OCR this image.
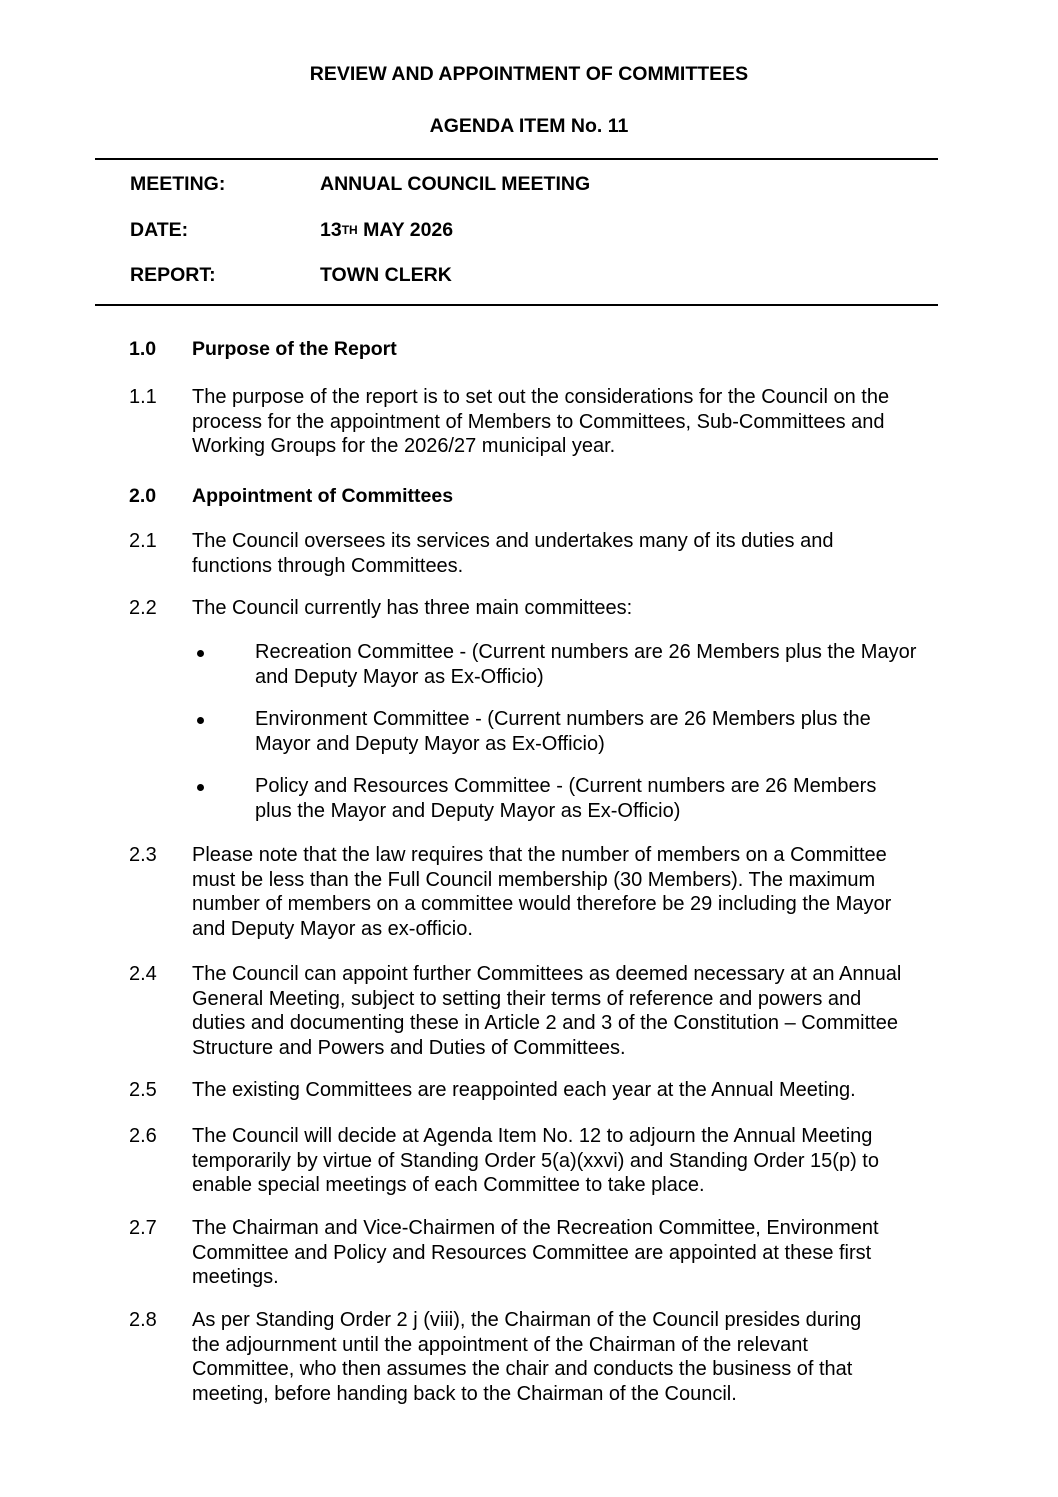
REVIEW AND APPOINTMENT OF COMMITTEES
AGENDA ITEM No. 11
MEETING:	ANNUAL COUNCIL MEETING
DATE:	13TH MAY 2026
REPORT:	TOWN CLERK
1.0 Purpose of the Report
1.1 The purpose of the report is to set out the considerations for the Council on the
process for the appointment of Members to Committees, Sub-Committees and
Working Groups for the 2026/27 municipal year.
2.0 Appointment of Committees
2.1 The Council oversees its services and undertakes many of its duties and
functions through Committees.
2.2 The Council currently has three main committees:
Recreation Committee - (Current numbers are 26 Members plus the Mayor
and Deputy Mayor as Ex-Officio)
Environment Committee - (Current numbers are 26 Members plus the
Mayor and Deputy Mayor as Ex-Officio)
Policy and Resources Committee - (Current numbers are 26 Members
plus the Mayor and Deputy Mayor as Ex-Officio)
2.3 Please note that the law requires that the number of members on a Committee
must be less than the Full Council membership (30 Members). The maximum
number of members on a committee would therefore be 29 including the Mayor
and Deputy Mayor as ex-officio.
2.4 The Council can appoint further Committees as deemed necessary at an Annual
General Meeting, subject to setting their terms of reference and powers and
duties and documenting these in Article 2 and 3 of the Constitution – Committee
Structure and Powers and Duties of Committees.
2.5 The existing Committees are reappointed each year at the Annual Meeting.
2.6 The Council will decide at Agenda Item No. 12 to adjourn the Annual Meeting
temporarily by virtue of Standing Order 5(a)(xxvi) and Standing Order 15(p) to
enable special meetings of each Committee to take place.
2.7 The Chairman and Vice-Chairmen of the Recreation Committee, Environment
Committee and Policy and Resources Committee are appointed at these first
meetings.
2.8 As per Standing Order 2 j (viii), the Chairman of the Council presides during
the adjournment until the appointment of the Chairman of the relevant
Committee, who then assumes the chair and conducts the business of that
meeting, before handing back to the Chairman of the Council.
